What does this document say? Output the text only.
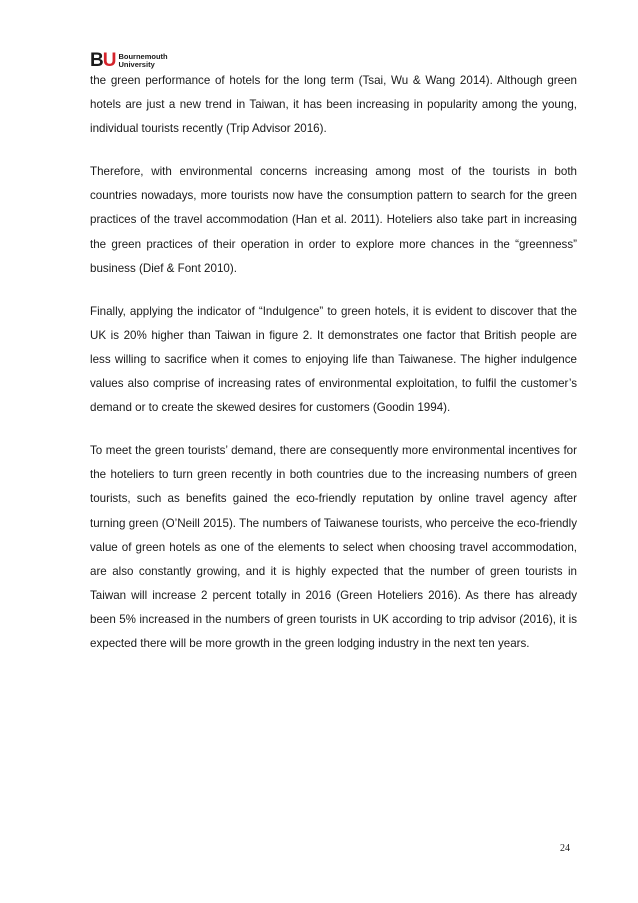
BU Bournemouth
University

the green performance of hotels for the long term (Tsai, Wu & Wang 2014). Although green hotels are just a new trend in Taiwan, it has been increasing in popularity among the young, individual tourists recently (Trip Advisor 2016).

Therefore, with environmental concerns increasing among most of the tourists in both countries nowadays, more tourists now have the consumption pattern to search for the green practices of the travel accommodation (Han et al. 2011). Hoteliers also take part in increasing the green practices of their operation in order to explore more chances in the “greenness” business (Dief & Font 2010).

Finally, applying the indicator of “Indulgence” to green hotels, it is evident to discover that the UK is 20% higher than Taiwan in figure 2. It demonstrates one factor that British people are less willing to sacrifice when it comes to enjoying life than Taiwanese. The higher indulgence values also comprise of increasing rates of environmental exploitation, to fulfil the customer’s demand or to create the skewed desires for customers (Goodin 1994).

To meet the green tourists’ demand, there are consequently more environmental incentives for the hoteliers to turn green recently in both countries due to the increasing numbers of green tourists, such as benefits gained the eco-friendly reputation by online travel agency after turning green (O’Neill 2015). The numbers of Taiwanese tourists, who perceive the eco-friendly value of green hotels as one of the elements to select when choosing travel accommodation, are also constantly growing, and it is highly expected that the number of green tourists in Taiwan will increase 2 percent totally in 2016 (Green Hoteliers 2016). As there has already been 5% increased in the numbers of green tourists in UK according to trip advisor (2016), it is expected there will be more growth in the green lodging industry in the next ten years.

24
